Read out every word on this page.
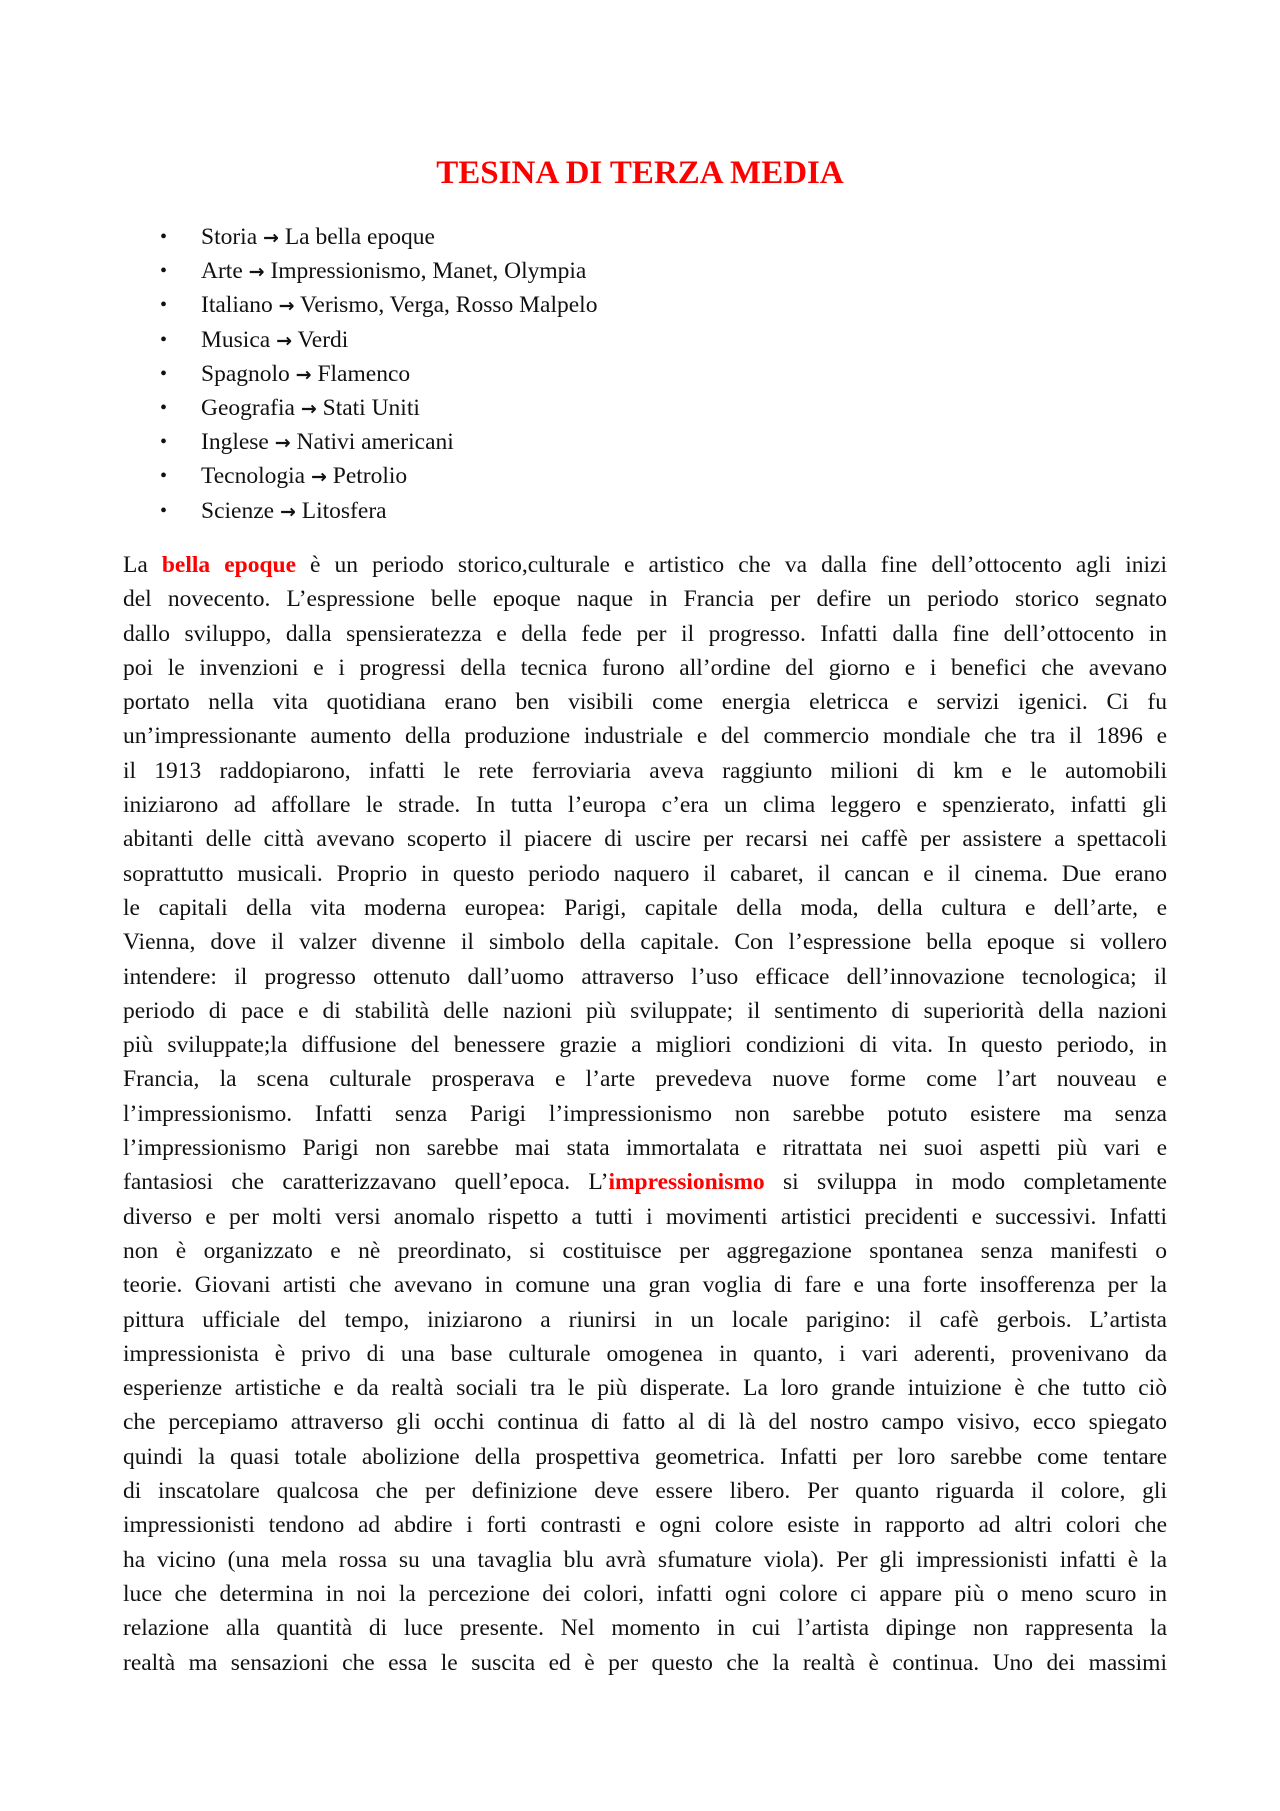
TESINA DI TERZA MEDIA
• Storia → La bella epoque
• Arte → Impressionismo, Manet, Olympia
• Italiano → Verismo, Verga, Rosso Malpelo
• Musica → Verdi
• Spagnolo → Flamenco
• Geografia → Stati Uniti
• Inglese → Nativi americani
• Tecnologia → Petrolio
• Scienze → Litosfera
La bella epoque è un periodo storico,culturale e artistico che va dalla fine dell’ottocento agli inizi
del novecento. L’espressione belle epoque naque in Francia per defire un periodo storico segnato
dallo sviluppo, dalla spensieratezza e della fede per il progresso. Infatti dalla fine dell’ottocento in
poi le invenzioni e i progressi della tecnica furono all’ordine del giorno e i benefici che avevano
portato nella vita quotidiana erano ben visibili come energia eletricca e servizi igenici. Ci fu
un’impressionante aumento della produzione industriale e del commercio mondiale che tra il 1896 e
il 1913 raddopiarono, infatti le rete ferroviaria aveva raggiunto milioni di km e le automobili
iniziarono ad affollare le strade. In tutta l’europa c’era un clima leggero e spenzierato, infatti gli
abitanti delle città avevano scoperto il piacere di uscire per recarsi nei caffè per assistere a spettacoli
soprattutto musicali. Proprio in questo periodo naquero il cabaret, il cancan e il cinema. Due erano
le capitali della vita moderna europea: Parigi, capitale della moda, della cultura e dell’arte, e
Vienna, dove il valzer divenne il simbolo della capitale. Con l’espressione bella epoque si vollero
intendere: il progresso ottenuto dall’uomo attraverso l’uso efficace dell’innovazione tecnologica; il
periodo di pace e di stabilità delle nazioni più sviluppate; il sentimento di superiorità della nazioni
più sviluppate;la diffusione del benessere grazie a migliori condizioni di vita. In questo periodo, in
Francia, la scena culturale prosperava e l’arte prevedeva nuove forme come l’art nouveau e
l’impressionismo. Infatti senza Parigi l’impressionismo non sarebbe potuto esistere ma senza
l’impressionismo Parigi non sarebbe mai stata immortalata e ritrattata nei suoi aspetti più vari e
fantasiosi che caratterizzavano quell’epoca. L’impressionismo si sviluppa in modo completamente
diverso e per molti versi anomalo rispetto a tutti i movimenti artistici precidenti e successivi. Infatti
non è organizzato e nè preordinato, si costituisce per aggregazione spontanea senza manifesti o
teorie. Giovani artisti che avevano in comune una gran voglia di fare e una forte insofferenza per la
pittura ufficiale del tempo, iniziarono a riunirsi in un locale parigino: il cafè gerbois. L’artista
impressionista è privo di una base culturale omogenea in quanto, i vari aderenti, provenivano da
esperienze artistiche e da realtà sociali tra le più disperate. La loro grande intuizione è che tutto ciò
che percepiamo attraverso gli occhi continua di fatto al di là del nostro campo visivo, ecco spiegato
quindi la quasi totale abolizione della prospettiva geometrica. Infatti per loro sarebbe come tentare
di inscatolare qualcosa che per definizione deve essere libero. Per quanto riguarda il colore, gli
impressionisti tendono ad abdire i forti contrasti e ogni colore esiste in rapporto ad altri colori che
ha vicino (una mela rossa su una tavaglia blu avrà sfumature viola). Per gli impressionisti infatti è la
luce che determina in noi la percezione dei colori, infatti ogni colore ci appare più o meno scuro in
relazione alla quantità di luce presente. Nel momento in cui l’artista dipinge non rappresenta la
realtà ma sensazioni che essa le suscita ed è per questo che la realtà è continua. Uno dei massimi
